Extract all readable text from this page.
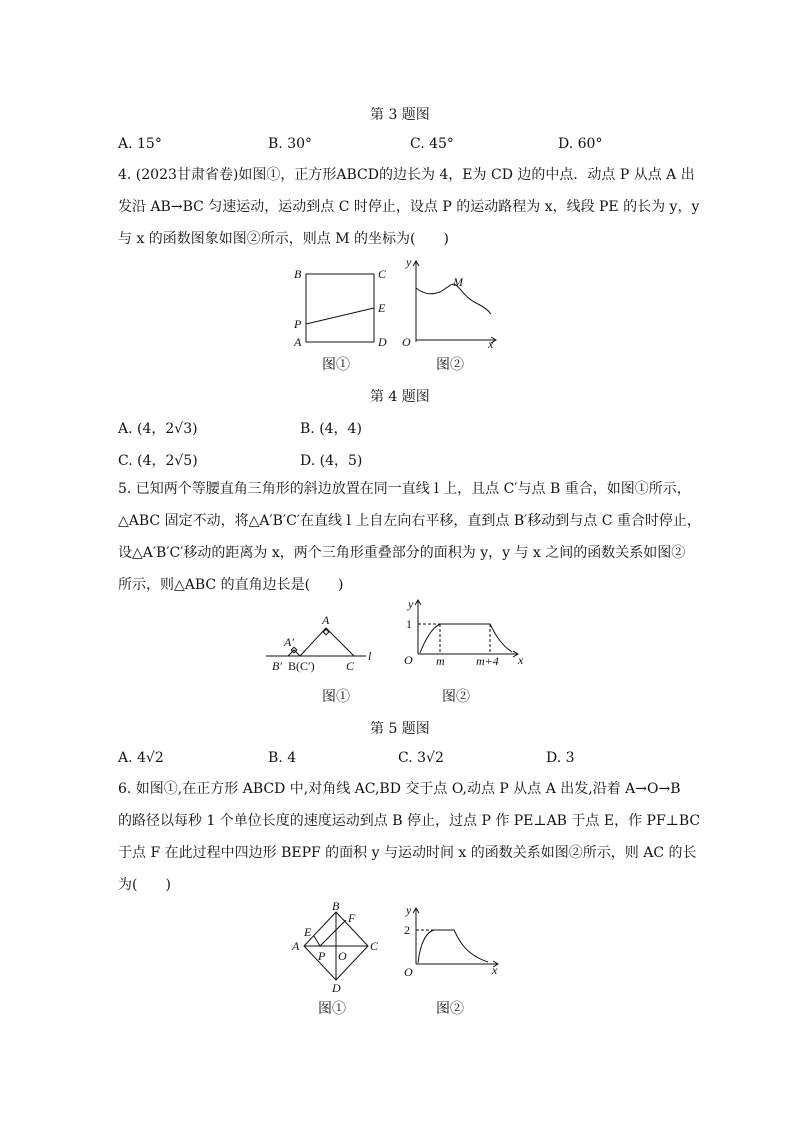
第 3 题图
A. 15°	B. 30°	C. 45°	D. 60°
4. (2023甘肃省卷)如图①，正方形ABCD的边长为 4，E为 CD 边的中点．动点 P 从点 A 出
发沿 AB→BC 匀速运动，运动到点 C 时停止，设点 P 的运动路程为 x，线段 PE 的长为 y，y
与 x 的函数图象如图②所示，则点 M 的坐标为(　　)
B	C
E
P
A	D
y
M
O	x
图①	图②
第 4 题图
A. (4，2√3)	B. (4，4)
C. (4，2√5)	D. (4，5)
5. 已知两个等腰直角三角形的斜边放置在同一直线 l 上，且点 C′与点 B 重合，如图①所示，
△ABC 固定不动，将△A′B′C′在直线 l 上自左向右平移，直到点 B′移动到与点 C 重合时停止，
设△A′B′C′移动的距离为 x，两个三角形重叠部分的面积为 y，y 与 x 之间的函数关系如图②
所示，则△ABC 的直角边长是(　　)
A′
A
B′ B(C′)	C
l
y
1
O m	m+4 x
图①	图②
第 5 题图
A. 4√2	B. 4	C. 3√2	D. 3
6. 如图①,在正方形 ABCD 中,对角线 AC,BD 交于点 O,动点 P 从点 A 出发,沿着 A→O→B
的路径以每秒 1 个单位长度的速度运动到点 B 停止，过点 P 作 PE⊥AB 于点 E，作 PF⊥BC
于点 F 在此过程中四边形 BEPF 的面积 y 与运动时间 x 的函数关系如图②所示，则 AC 的长
为(　　)
B
E
F
A
P O
C
D
y
2
O	x
图①	图②
